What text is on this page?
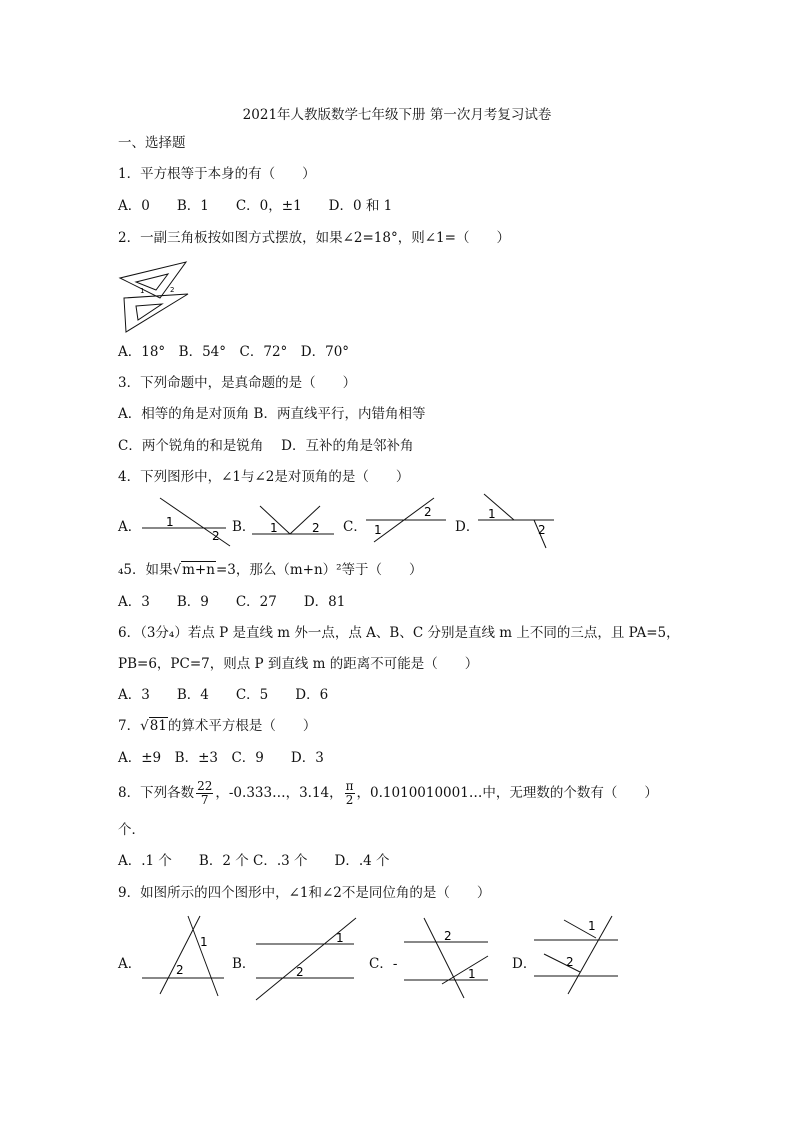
2021年人教版数学七年级下册 第一次月考复习试卷
一、选择题
1．平方根等于本身的有（　　）
A．0　　B．1　　C．0，±1　　D．0 和 1
2．一副三角板按如图方式摆放，如果∠2=18°，则∠1=（　　）
1	2
A．18°　B．54°　C．72°　D．70°
3．下列命题中，是真命题的是（　　）
A．相等的角是对顶角 B．两直线平行，内错角相等
C．两个锐角的和是锐角　 D．互补的角是邻补角
4．下列图形中，∠1与∠2是对顶角的是（　　）
A． 1
2
B． 1	2 C． 1
2
D．
1
2
₄5．如果√m+n=3，那么（m+n）²等于（　　）
A．3　　B．9　　C．27　　D．81
6．（3分₄）若点 P 是直线 m 外一点，点 A、B、C 分别是直线 m 上不同的三点，且 PA=5，
PB=6，PC=7，则点 P 到直线 m 的距离不可能是（　　）
A．3　　B．4　　C．5　　D．6
7．√81的算术平方根是（　　）
A．±9　B．±3　C．9　　D．3
8．下列各数 $\frac{22}{7}$ ，-0.333…，3.14， $\frac{\pi}{2}$ ，0.1010010001…中，无理数的个数有（　　）
个．
A．.1 个　　B．2 个 C．.3 个　　D．.4 个
9．如图所示的四个图形中，∠1和∠2不是同位角的是（　　）
A．
1
2	B．
1
2	C．-
2
1
D．
1
2
